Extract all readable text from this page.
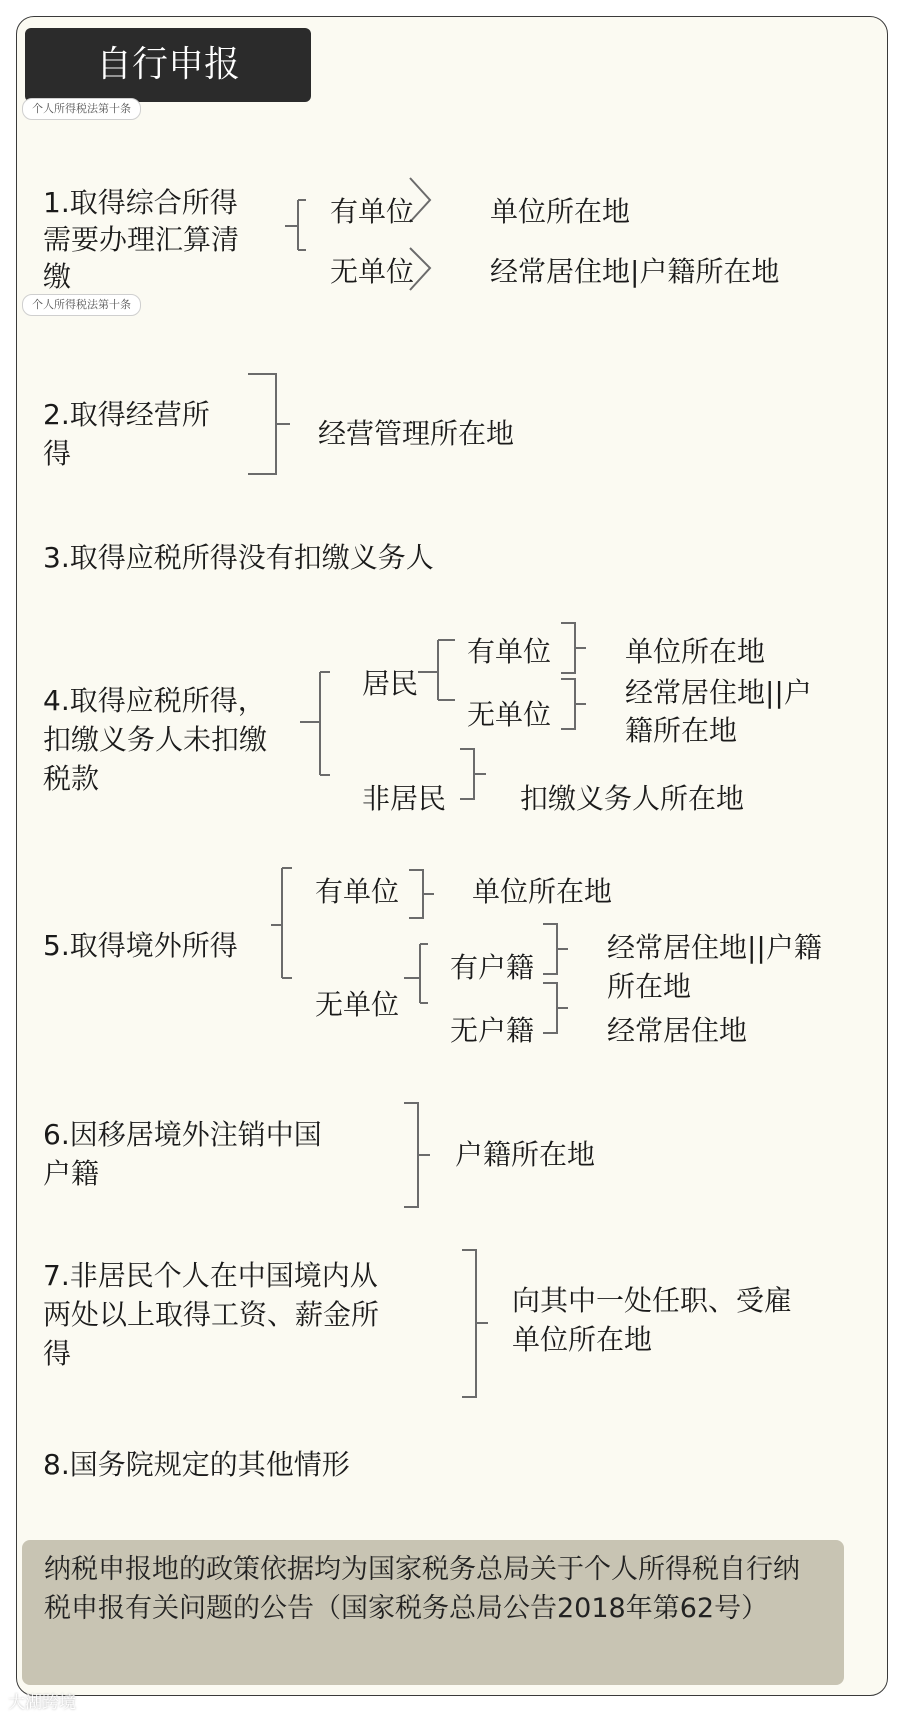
自行申报
个人所得税法第十条
个人所得税法第十条
1.取得综合所得
需要办理汇算清
缴
有单位	单位所在地
无单位	经常居住地|户籍所在地
2.取得经营所
得
经营管理所在地
3.取得应税所得没有扣缴义务人
4.取得应税所得，
扣缴义务人未扣缴
税款
居民
有单位	单位所在地
无单位
经常居住地||户
籍所在地
非居民	扣缴义务人所在地
5.取得境外所得
有单位	单位所在地
无单位
有户籍
经常居住地||户籍
所在地
无户籍	经常居住地
6.因移居境外注销中国
户籍
户籍所在地
7.非居民个人在中国境内从
两处以上取得工资、薪金所
得
向其中一处任职、受雇
单位所在地
8.国务院规定的其他情形
纳税申报地的政策依据均为国家税务总局关于个人所得税自行纳税申报有关问题的公告（国家税务总局公告2018年第62号）
大湖跨境
